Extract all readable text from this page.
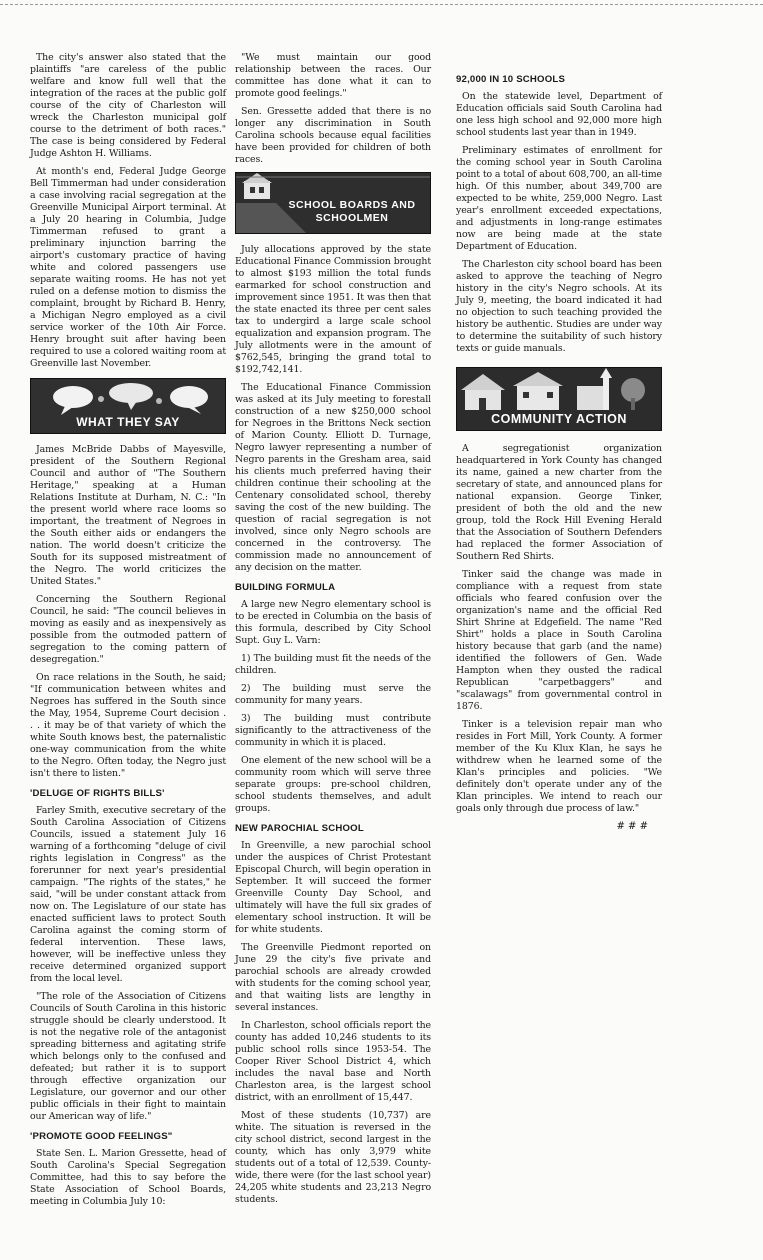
The city's answer also stated that the plaintiffs "are careless of the public welfare and know full well that the integration of the races at the public golf course of the city of Charleston will wreck the Charleston municipal golf course to the detriment of both races." The case is being considered by Federal Judge Ashton H. Williams.

At month's end, Federal Judge George Bell Timmerman had under consideration a case involving racial segregation at the Greenville Municipal Airport terminal. At a July 20 hearing in Columbia, Judge Timmerman refused to grant a preliminary injunction barring the airport's customary practice of having white and colored passengers use separate waiting rooms. He has not yet ruled on a defense motion to dismiss the complaint, brought by Richard B. Henry, a Michigan Negro employed as a civil service worker of the 10th Air Force. Henry brought suit after having been required to use a colored waiting room at Greenville last November.

WHAT THEY SAY

James McBride Dabbs of Mayesville, president of the Southern Regional Council and author of "The Southern Heritage," speaking at a Human Relations Institute at Durham, N. C.: "In the present world where race looms so important, the treatment of Negroes in the South either aids or endangers the nation. The world doesn't criticize the South for its supposed mistreatment of the Negro. The world criticizes the United States."

Concerning the Southern Regional Council, he said: "The council believes in moving as easily and as inexpensively as possible from the outmoded pattern of segregation to the coming pattern of desegregation."

On race relations in the South, he said; "If communication between whites and Negroes has suffered in the South since the May, 1954, Supreme Court decision . . . it may be of that variety of which the white South knows best, the paternalistic one-way communication from the white to the Negro. Often today, the Negro just isn't there to listen."

'DELUGE OF RIGHTS BILLS'

Farley Smith, executive secretary of the South Carolina Association of Citizens Councils, issued a statement July 16 warning of a forthcoming "deluge of civil rights legislation in Congress" as the forerunner for next year's presidential campaign. "The rights of the states," he said, "will be under constant attack from now on. The Legislature of our state has enacted sufficient laws to protect South Carolina against the coming storm of federal intervention. These laws, however, will be ineffective unless they receive determined organized support from the local level.

"The role of the Association of Citizens Councils of South Carolina in this historic struggle should be clearly understood. It is not the negative role of the antagonist spreading bitterness and agitating strife which belongs only to the confused and defeated; but rather it is to support through effective organization our Legislature, our governor and our other public officials in their fight to maintain our American way of life."

'PROMOTE GOOD FEELINGS"

State Sen. L. Marion Gressette, head of South Carolina's Special Segregation Committee, had this to say before the State Association of School Boards, meeting in Columbia July 10:

"We must maintain our good relationship between the races. Our committee has done what it can to promote good feelings."

Sen. Gressette added that there is no longer any discrimination in South Carolina schools because equal facilities have been provided for children of both races.

SCHOOL BOARDS AND SCHOOLMEN

July allocations approved by the state Educational Finance Commission brought to almost $193 million the total funds earmarked for school construction and improvement since 1951. It was then that the state enacted its three per cent sales tax to undergird a large scale school equalization and expansion program. The July allotments were in the amount of $762,545, bringing the grand total to $192,742,141.

The Educational Finance Commission was asked at its July meeting to forestall construction of a new $250,000 school for Negroes in the Brittons Neck section of Marion County. Elliott D. Turnage, Negro lawyer representing a number of Negro parents in the Gresham area, said his clients much preferred having their children continue their schooling at the Centenary consolidated school, thereby saving the cost of the new building. The question of racial segregation is not involved, since only Negro schools are concerned in the controversy. The commission made no announcement of any decision on the matter.

BUILDING FORMULA

A large new Negro elementary school is to be erected in Columbia on the basis of this formula, described by City School Supt. Guy L. Varn:

1) The building must fit the needs of the children.

2) The building must serve the community for many years.

3) The building must contribute significantly to the attractiveness of the community in which it is placed.

One element of the new school will be a community room which will serve three separate groups: pre-school children, school students themselves, and adult groups.

NEW PAROCHIAL SCHOOL

In Greenville, a new parochial school under the auspices of Christ Protestant Episcopal Church, will begin operation in September. It will succeed the former Greenville County Day School, and ultimately will have the full six grades of elementary school instruction. It will be for white students.

The Greenville Piedmont reported on June 29 the city's five private and parochial schools are already crowded with students for the coming school year, and that waiting lists are lengthy in several instances.

In Charleston, school officials report the county has added 10,246 students to its public school rolls since 1953-54. The Cooper River School District 4, which includes the naval base and North Charleston area, is the largest school district, with an enrollment of 15,447.

Most of these students (10,737) are white. The situation is reversed in the city school district, second largest in the county, which has only 3,979 white students out of a total of 12,539. County-wide, there were (for the last school year) 24,205 white students and 23,213 Negro students.

92,000 IN 10 SCHOOLS

On the statewide level, Department of Education officials said South Carolina had one less high school and 92,000 more high school students last year than in 1949.

Preliminary estimates of enrollment for the coming school year in South Carolina point to a total of about 608,700, an all-time high. Of this number, about 349,700 are expected to be white, 259,000 Negro. Last year's enrollment exceeded expectations, and adjustments in long-range estimates now are being made at the state Department of Education.

The Charleston city school board has been asked to approve the teaching of Negro history in the city's Negro schools. At its July 9, meeting, the board indicated it had no objection to such teaching provided the history be authentic. Studies are under way to determine the suitability of such history texts or guide manuals.

COMMUNITY ACTION

A segregationist organization headquartered in York County has changed its name, gained a new charter from the secretary of state, and announced plans for national expansion. George Tinker, president of both the old and the new group, told the Rock Hill Evening Herald that the Association of Southern Defenders had replaced the former Association of Southern Red Shirts.

Tinker said the change was made in compliance with a request from state officials who feared confusion over the organization's name and the official Red Shirt Shrine at Edgefield. The name "Red Shirt" holds a place in South Carolina history because that garb (and the name) identified the followers of Gen. Wade Hampton when they ousted the radical Republican "carpetbaggers" and "scalawags" from governmental control in 1876.

Tinker is a television repair man who resides in Fort Mill, York County. A former member of the Ku Klux Klan, he says he withdrew when he learned some of the Klan's principles and policies. "We definitely don't operate under any of the Klan principles. We intend to reach our goals only through due process of law."

# # #
